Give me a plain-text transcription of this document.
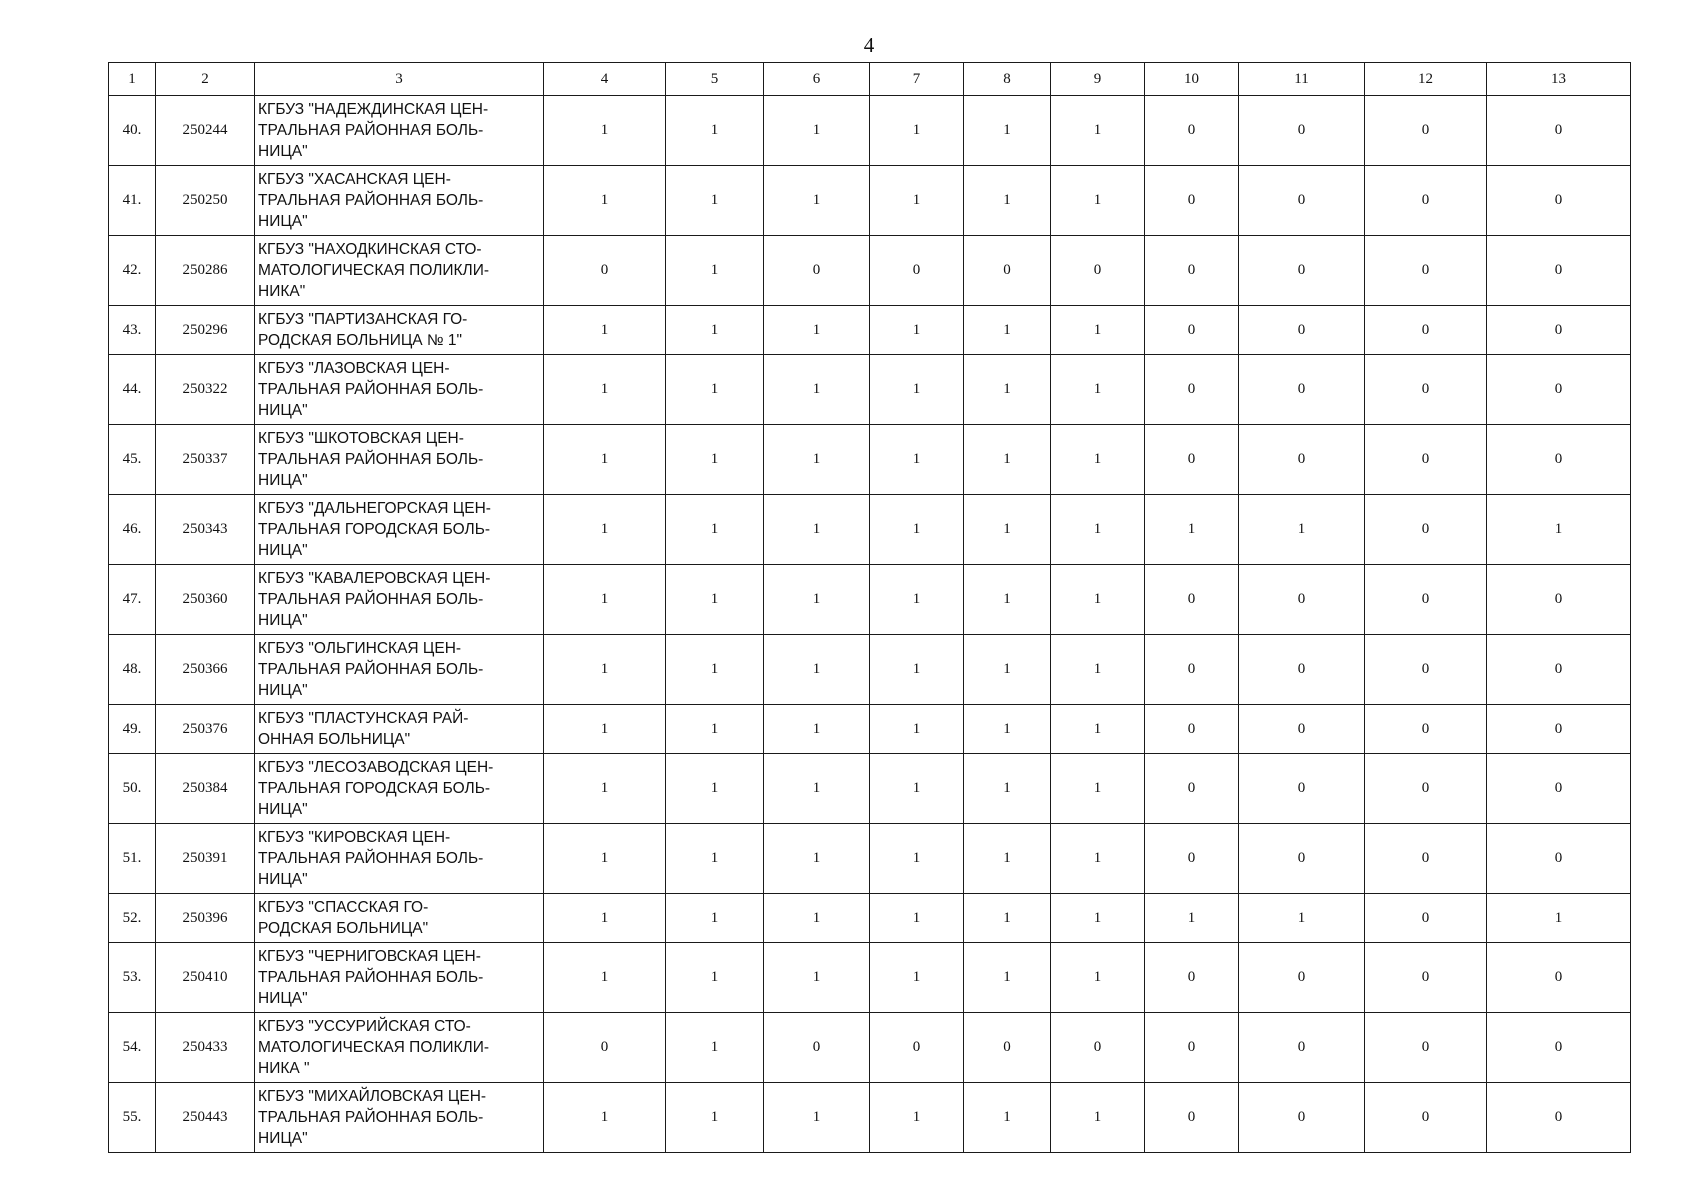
4
1	2	3	4	5	6	7	8	9	10	11	12	13
40.	250244	КГБУЗ "НАДЕЖДИНСКАЯ ЦЕН-
ТРАЛЬНАЯ РАЙОННАЯ БОЛЬ-
НИЦА"	1	1	1	1	1	1	0	0	0	0
41.	250250	КГБУЗ "ХАСАНСКАЯ ЦЕН-
ТРАЛЬНАЯ РАЙОННАЯ БОЛЬ-
НИЦА"	1	1	1	1	1	1	0	0	0	0
42.	250286	КГБУЗ "НАХОДКИНСКАЯ СТО-
МАТОЛОГИЧЕСКАЯ ПОЛИКЛИ-
НИКА"	0	1	0	0	0	0	0	0	0	0
43.	250296	КГБУЗ "ПАРТИЗАНСКАЯ ГО-
РОДСКАЯ БОЛЬНИЦА № 1"	1	1	1	1	1	1	0	0	0	0
44.	250322	КГБУЗ "ЛАЗОВСКАЯ ЦЕН-
ТРАЛЬНАЯ РАЙОННАЯ БОЛЬ-
НИЦА"	1	1	1	1	1	1	0	0	0	0
45.	250337	КГБУЗ "ШКОТОВСКАЯ ЦЕН-
ТРАЛЬНАЯ РАЙОННАЯ БОЛЬ-
НИЦА"	1	1	1	1	1	1	0	0	0	0
46.	250343	КГБУЗ "ДАЛЬНЕГОРСКАЯ ЦЕН-
ТРАЛЬНАЯ ГОРОДСКАЯ БОЛЬ-
НИЦА"	1	1	1	1	1	1	1	1	0	1
47.	250360	КГБУЗ "КАВАЛЕРОВСКАЯ ЦЕН-
ТРАЛЬНАЯ РАЙОННАЯ БОЛЬ-
НИЦА"	1	1	1	1	1	1	0	0	0	0
48.	250366	КГБУЗ "ОЛЬГИНСКАЯ ЦЕН-
ТРАЛЬНАЯ РАЙОННАЯ БОЛЬ-
НИЦА"	1	1	1	1	1	1	0	0	0	0
49.	250376	КГБУЗ "ПЛАСТУНСКАЯ РАЙ-
ОННАЯ БОЛЬНИЦА"	1	1	1	1	1	1	0	0	0	0
50.	250384	КГБУЗ "ЛЕСОЗАВОДСКАЯ ЦЕН-
ТРАЛЬНАЯ ГОРОДСКАЯ БОЛЬ-
НИЦА"	1	1	1	1	1	1	0	0	0	0
51.	250391	КГБУЗ "КИРОВСКАЯ ЦЕН-
ТРАЛЬНАЯ РАЙОННАЯ БОЛЬ-
НИЦА"	1	1	1	1	1	1	0	0	0	0
52.	250396	КГБУЗ "СПАССКАЯ ГО-
РОДСКАЯ БОЛЬНИЦА"	1	1	1	1	1	1	1	1	0	1
53.	250410	КГБУЗ "ЧЕРНИГОВСКАЯ ЦЕН-
ТРАЛЬНАЯ РАЙОННАЯ БОЛЬ-
НИЦА"	1	1	1	1	1	1	0	0	0	0
54.	250433	КГБУЗ "УССУРИЙСКАЯ СТО-
МАТОЛОГИЧЕСКАЯ ПОЛИКЛИ-
НИКА "	0	1	0	0	0	0	0	0	0	0
55.	250443	КГБУЗ "МИХАЙЛОВСКАЯ ЦЕН-
ТРАЛЬНАЯ РАЙОННАЯ БОЛЬ-
НИЦА"	1	1	1	1	1	1	0	0	0	0
